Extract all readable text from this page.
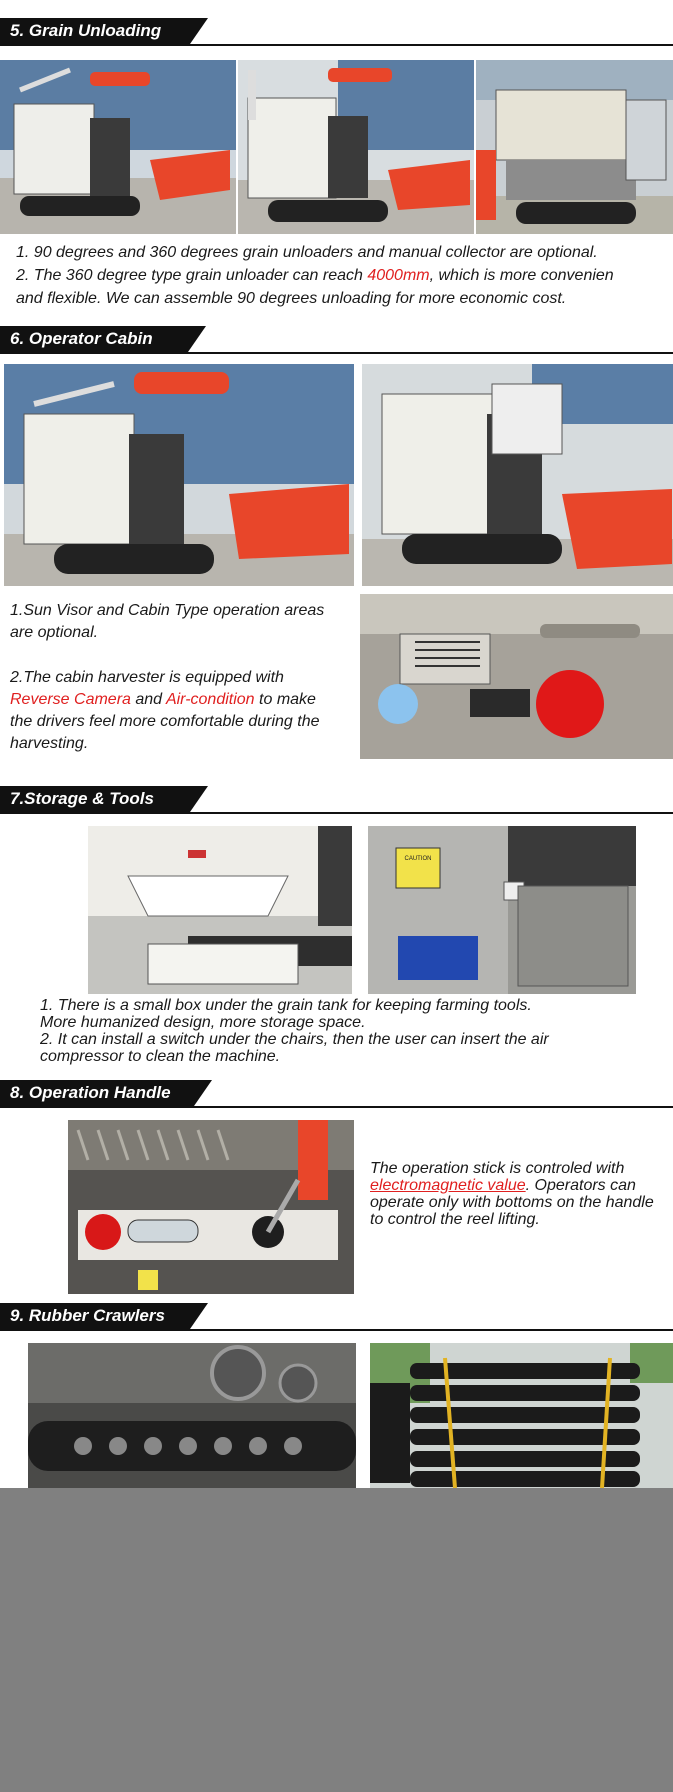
5. Grain Unloading
1. 90 degrees and 360 degrees grain unloaders and manual collector are optional.
2. The 360 degree type grain unloader can reach 4000mm, which is more convenien
and flexible. We can assemble 90 degrees unloading for more economic cost.
6. Operator Cabin
1.Sun Visor and Cabin Type operation areas
are optional.
2.The cabin harvester is equipped with
Reverse Camera and Air-condition to make
the drivers feel more comfortable during the
harvesting.
7.Storage & Tools
CAUTION
1. There is a small box under the grain tank for keeping farming tools.
More humanized design, more storage space.
2. It can install a switch under the chairs, then the user can insert the air
compressor to clean the machine.
8. Operation Handle
The operation stick is controled with
electromagnetic value. Operators can
operate only with bottoms on the handle
to control the reel lifting.
9. Rubber Crawlers
